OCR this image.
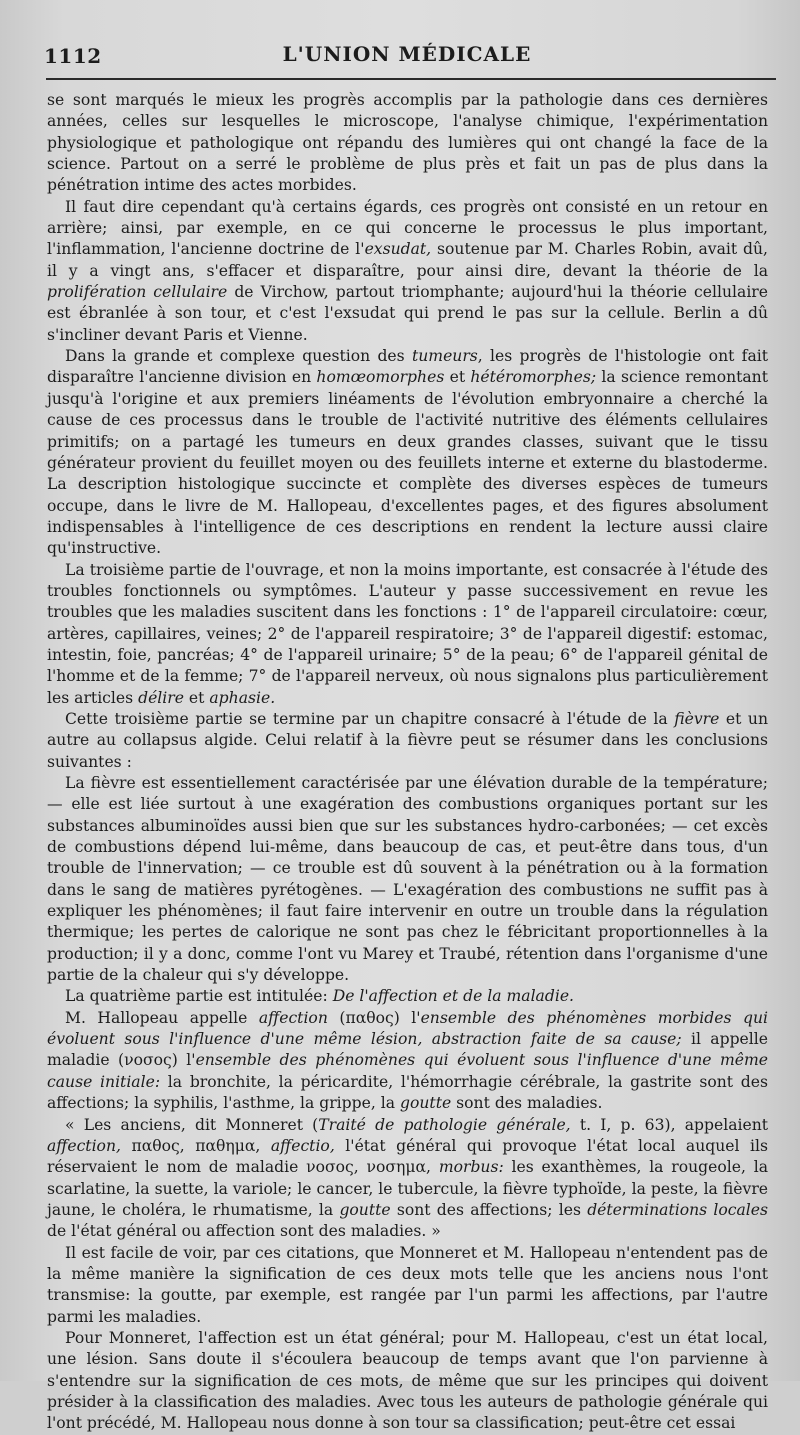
1112	L'UNION MÉDICALE

se sont marqués le mieux les progrès accomplis par la pathologie dans ces dernières années, celles sur lesquelles le microscope, l'analyse chimique, l'expérimentation physiologique et pathologique ont répandu des lumières qui ont changé la face de la science. Partout on a serré le problème de plus près et fait un pas de plus dans la pénétration intime des actes morbides.

Il faut dire cependant qu'à certains égards, ces progrès ont consisté en un retour en arrière; ainsi, par exemple, en ce qui concerne le processus le plus important, l'inflammation, l'ancienne doctrine de l'exsudat, soutenue par M. Charles Robin, avait dû, il y a vingt ans, s'effacer et disparaître, pour ainsi dire, devant la théorie de la prolifération cellulaire de Virchow, partout triomphante; aujourd'hui la théorie cellulaire est ébranlée à son tour, et c'est l'exsudat qui prend le pas sur la cellule. Berlin a dû s'incliner devant Paris et Vienne.

Dans la grande et complexe question des tumeurs, les progrès de l'histologie ont fait disparaître l'ancienne division en homœomorphes et hétéromorphes; la science remontant jusqu'à l'origine et aux premiers linéaments de l'évolution embryonnaire a cherché la cause de ces processus dans le trouble de l'activité nutritive des éléments cellulaires primitifs; on a partagé les tumeurs en deux grandes classes, suivant que le tissu générateur provient du feuillet moyen ou des feuillets interne et externe du blastoderme. La description histologique succincte et complète des diverses espèces de tumeurs occupe, dans le livre de M. Hallopeau, d'excellentes pages, et des figures absolument indispensables à l'intelligence de ces descriptions en rendent la lecture aussi claire qu'instructive.

La troisième partie de l'ouvrage, et non la moins importante, est consacrée à l'étude des troubles fonctionnels ou symptômes. L'auteur y passe successivement en revue les troubles que les maladies suscitent dans les fonctions : 1° de l'appareil circulatoire: cœur, artères, capillaires, veines; 2° de l'appareil respiratoire; 3° de l'appareil digestif: estomac, intestin, foie, pancréas; 4° de l'appareil urinaire; 5° de la peau; 6° de l'appareil génital de l'homme et de la femme; 7° de l'appareil nerveux, où nous signalons plus particulièrement les articles délire et aphasie.

Cette troisième partie se termine par un chapitre consacré à l'étude de la fièvre et un autre au collapsus algide. Celui relatif à la fièvre peut se résumer dans les conclusions suivantes :

La fièvre est essentiellement caractérisée par une élévation durable de la température; — elle est liée surtout à une exagération des combustions organiques portant sur les substances albuminoïdes aussi bien que sur les substances hydro-carbonées; — cet excès de combustions dépend lui-même, dans beaucoup de cas, et peut-être dans tous, d'un trouble de l'innervation; — ce trouble est dû souvent à la pénétration ou à la formation dans le sang de matières pyrétogènes. — L'exagération des combustions ne suffit pas à expliquer les phénomènes; il faut faire intervenir en outre un trouble dans la régulation thermique; les pertes de calorique ne sont pas chez le fébricitant proportionnelles à la production; il y a donc, comme l'ont vu Marey et Traubé, rétention dans l'organisme d'une partie de la chaleur qui s'y développe.

La quatrième partie est intitulée: De l'affection et de la maladie.

M. Hallopeau appelle affection (παθος) l'ensemble des phénomènes morbides qui évoluent sous l'influence d'une même lésion, abstraction faite de sa cause; il appelle maladie (νοσος) l'ensemble des phénomènes qui évoluent sous l'influence d'une même cause initiale: la bronchite, la péricardite, l'hémorrhagie cérébrale, la gastrite sont des affections; la syphilis, l'asthme, la grippe, la goutte sont des maladies.

« Les anciens, dit Monneret (Traité de pathologie générale, t. I, p. 63), appelaient affection, παθος, παθημα, affectio, l'état général qui provoque l'état local auquel ils réservaient le nom de maladie νοσος, νοσημα, morbus: les exanthèmes, la rougeole, la scarlatine, la suette, la variole; le cancer, le tubercule, la fièvre typhoïde, la peste, la fièvre jaune, le choléra, le rhumatisme, la goutte sont des affections; les déterminations locales de l'état général ou affection sont des maladies. »

Il est facile de voir, par ces citations, que Monneret et M. Hallopeau n'entendent pas de la même manière la signification de ces deux mots telle que les anciens nous l'ont transmise: la goutte, par exemple, est rangée par l'un parmi les affections, par l'autre parmi les maladies.

Pour Monneret, l'affection est un état général; pour M. Hallopeau, c'est un état local, une lésion. Sans doute il s'écoulera beaucoup de temps avant que l'on parvienne à s'entendre sur la signification de ces mots, de même que sur les principes qui doivent présider à la classification des maladies. Avec tous les auteurs de pathologie générale qui l'ont précédé, M. Hallopeau nous donne à son tour sa classification; peut-être cet essai
